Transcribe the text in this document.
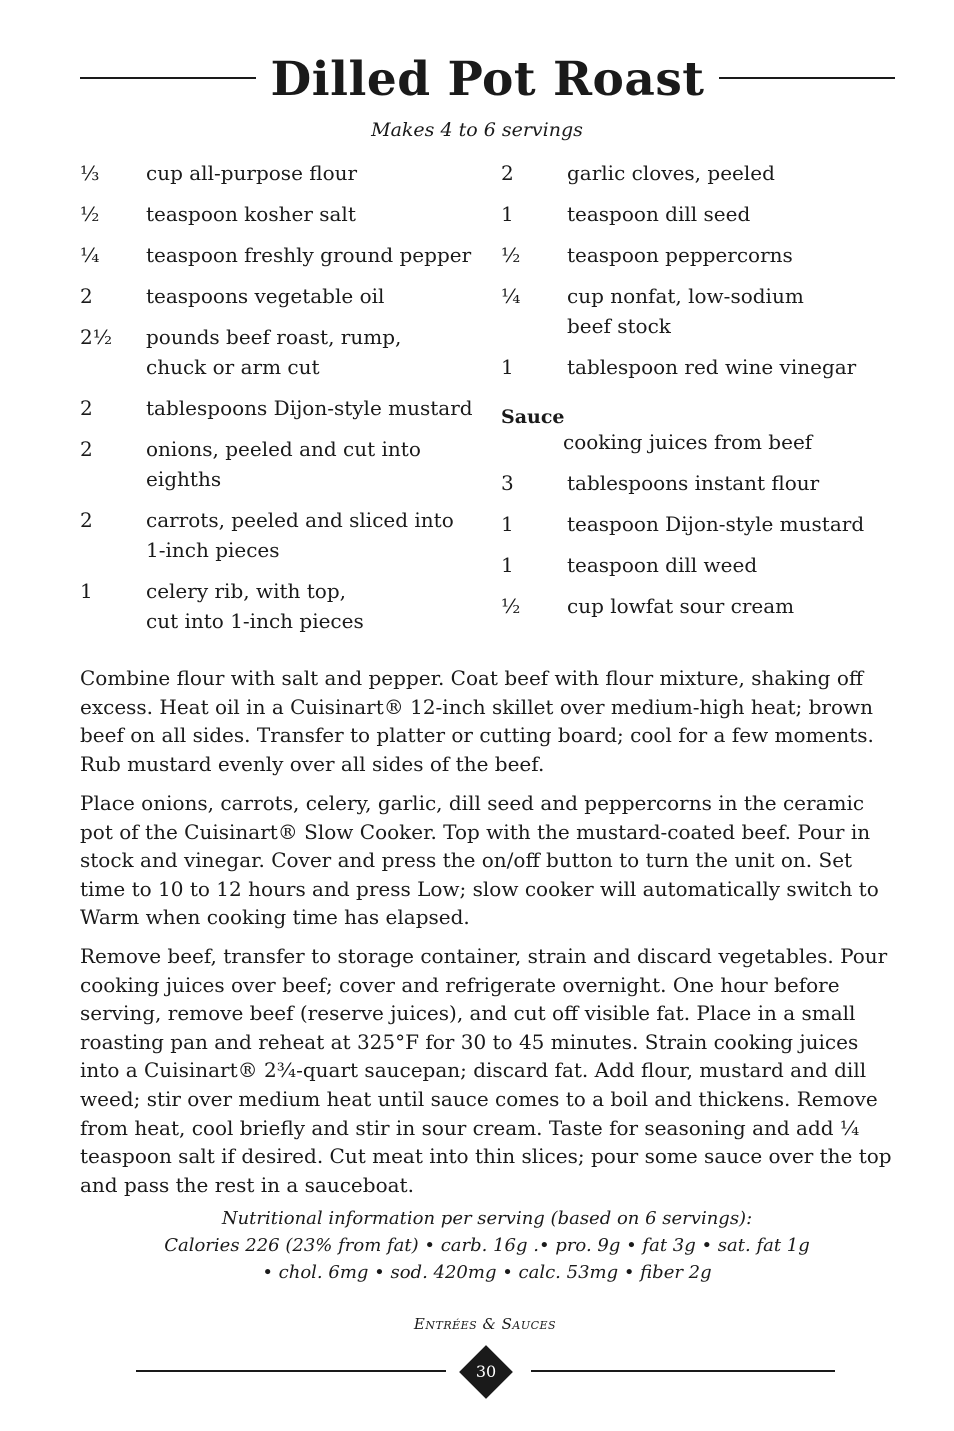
Dilled Pot Roast
Makes 4 to 6 servings
⅓	cup all-purpose flour
½	teaspoon kosher salt
¼	teaspoon freshly ground pepper
2	teaspoons vegetable oil
2½	pounds beef roast, rump,
chuck or arm cut
2	tablespoons Dijon-style mustard
2	onions, peeled and cut into
eighths
2	carrots, peeled and sliced into
1-inch pieces
1	celery rib, with top,
cut into 1-inch pieces
2	garlic cloves, peeled
1	teaspoon dill seed
½	teaspoon peppercorns
¼	cup nonfat, low-sodium
beef stock
1	tablespoon red wine vinegar
Sauce
cooking juices from beef
3	tablespoons instant flour
1	teaspoon Dijon-style mustard
1	teaspoon dill weed
½	cup lowfat sour cream

Combine flour with salt and pepper. Coat beef with flour mixture, shaking off excess. Heat oil in a Cuisinart® 12-inch skillet over medium-high heat; brown beef on all sides. Transfer to platter or cutting board; cool for a few moments. Rub mustard evenly over all sides of the beef.

Place onions, carrots, celery, garlic, dill seed and peppercorns in the ceramic pot of the Cuisinart® Slow Cooker. Top with the mustard-coated beef. Pour in stock and vinegar. Cover and press the on/off button to turn the unit on. Set time to 10 to 12 hours and press Low; slow cooker will automatically switch to Warm when cooking time has elapsed.

Remove beef, transfer to storage container, strain and discard vegetables. Pour cooking juices over beef; cover and refrigerate overnight. One hour before serving, remove beef (reserve juices), and cut off visible fat. Place in a small roasting pan and reheat at 325°F for 30 to 45 minutes. Strain cooking juices into a Cuisinart® 2¾-quart saucepan; discard fat. Add flour, mustard and dill weed; stir over medium heat until sauce comes to a boil and thickens. Remove from heat, cool briefly and stir in sour cream. Taste for seasoning and add ¼ teaspoon salt if desired. Cut meat into thin slices; pour some sauce over the top and pass the rest in a sauceboat.

Nutritional information per serving (based on 6 servings):
Calories 226 (23% from fat) • carb. 16g .• pro. 9g • fat 3g • sat. fat 1g
• chol. 6mg • sod. 420mg • calc. 53mg • fiber 2g
Entrées & Sauces
30
